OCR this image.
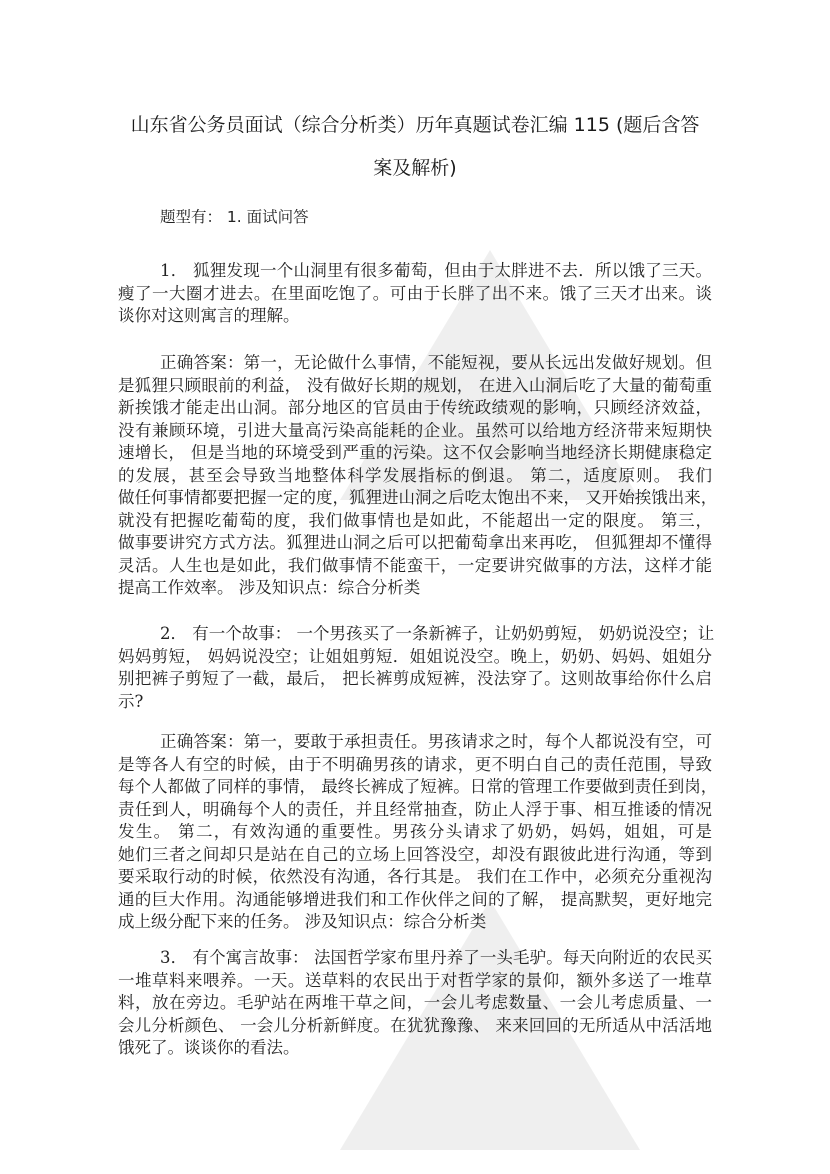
山东省公务员面试（综合分析类）历年真题试卷汇编 115 (题后含答
案及解析)
题型有： 1. 面试问答
1． 狐狸发现一个山洞里有很多葡萄，但由于太胖进不去．所以饿了三天。
瘦了一大圈才进去。在里面吃饱了。可由于长胖了出不来。饿了三天才出来。谈
谈你对这则寓言的理解。
正确答案：第一，无论做什么事情，不能短视，要从长远出发做好规划。但
是狐狸只顾眼前的利益， 没有做好长期的规划， 在进入山洞后吃了大量的葡萄重
新挨饿才能走出山洞。部分地区的官员由于传统政绩观的影响，只顾经济效益，
没有兼顾环境，引进大量高污染高能耗的企业。虽然可以给地方经济带来短期快
速增长， 但是当地的环境受到严重的污染。这不仅会影响当地经济长期健康稳定
的发展，甚至会导致当地整体科学发展指标的倒退。 第二，适度原则。 我们
做任何事情都要把握一定的度，狐狸进山洞之后吃太饱出不来， 又开始挨饿出来，
就没有把握吃葡萄的度，我们做事情也是如此，不能超出一定的限度。 第三，
做事要讲究方式方法。狐狸进山洞之后可以把葡萄拿出来再吃， 但狐狸却不懂得
灵活。人生也是如此，我们做事情不能蛮干，一定要讲究做事的方法，这样才能
提高工作效率。 涉及知识点：综合分析类
2． 有一个故事： 一个男孩买了一条新裤子，让奶奶剪短， 奶奶说没空；让
妈妈剪短， 妈妈说没空；让姐姐剪短．姐姐说没空。晚上，奶奶、妈妈、姐姐分
别把裤子剪短了一截，最后， 把长裤剪成短裤，没法穿了。这则故事给你什么启
示?
正确答案：第一，要敢于承担责任。男孩请求之时，每个人都说没有空，可
是等各人有空的时候，由于不明确男孩的请求，更不明白自己的责任范围，导致
每个人都做了同样的事情， 最终长裤成了短裤。日常的管理工作要做到责任到岗，
责任到人，明确每个人的责任，并且经常抽查，防止人浮于事、相互推诿的情况
发生。 第二，有效沟通的重要性。男孩分头请求了奶奶，妈妈，姐姐，可是
她们三者之间却只是站在自己的立场上回答没空，却没有跟彼此进行沟通，等到
要采取行动的时候，依然没有沟通，各行其是。 我们在工作中，必须充分重视沟
通的巨大作用。沟通能够增进我们和工作伙伴之间的了解， 提高默契，更好地完
成上级分配下来的任务。 涉及知识点：综合分析类
3． 有个寓言故事： 法国哲学家布里丹养了一头毛驴。每天向附近的农民买
一堆草料来喂养。一天。送草料的农民出于对哲学家的景仰，额外多送了一堆草
料，放在旁边。毛驴站在两堆干草之间，一会儿考虑数量、一会儿考虑质量、一
会儿分析颜色、 一会儿分析新鲜度。在犹犹豫豫、 来来回回的无所适从中活活地
饿死了。谈谈你的看法。
